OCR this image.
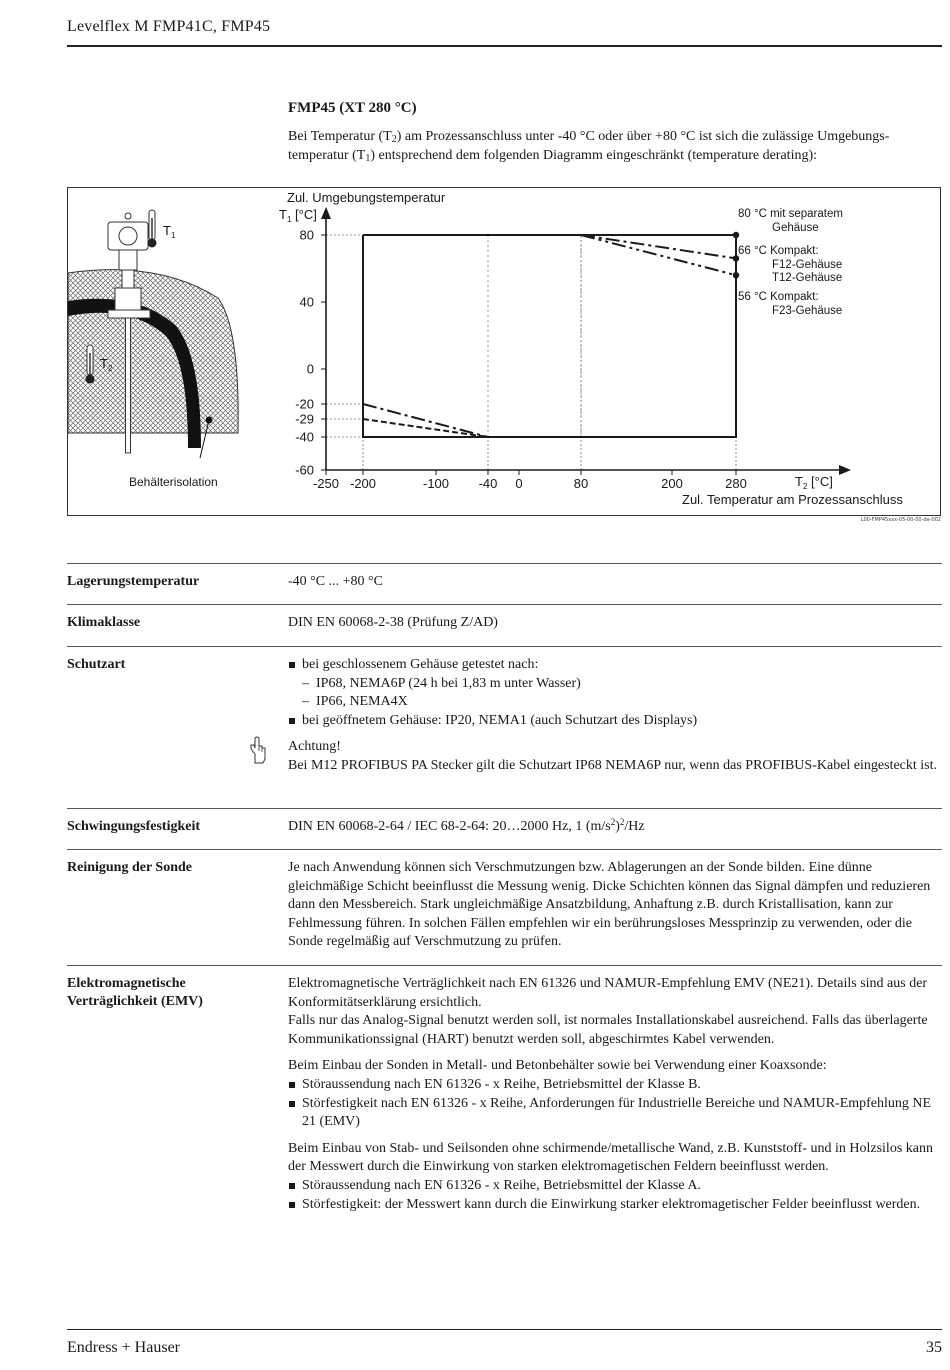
Levelflex M FMP41C, FMP45
FMP45 (XT 280 °C)
Bei Temperatur $(T_2)$ am Prozessanschluss unter -40 °C oder über +80 °C ist sich die zulässige Umgebungs-temperatur $(T_1)$ entsprechend dem folgenden Diagramm eingeschränkt (temperature derating):
$T_1$
$T_2$
Behälterisolation
Zul. Umgebungstemperatur
$T_1$ [°C]
$T_2$ [°C]
Zul. Temperatur am Prozessanschluss
80
40
0
-20
-29
-40
-60
-250 -200	-100 -40 0	80	200	280
80 °C mit separatem Gehäuse
66 °C Kompakt: F12-Gehäuse T12-Gehäuse
56 °C Kompakt: F23-Gehäuse
L00-FMP45xxx-05-00-00-de-002
Lagerungstemperatur	-40 °C ... +80 °C
Klimaklasse	DIN EN 60068-2-38 (Prüfung Z/AD)
Schutzart	bei geschlossenem Gehäuse getestet nach:

– IP68, NEMA6P (24 h bei 1,83 m unter Wasser)

– IP66, NEMA4X

bei geöffnetem Gehäuse: IP20, NEMA1 (auch Schutzart des Displays)

Achtung!

Bei M12 PROFIBUS PA Stecker gilt die Schutzart IP68 NEMA6P nur, wenn das PROFIBUS-Kabel eingesteckt ist.

Schwingungsfestigkeit	DIN EN 60068-2-64 / IEC 68-2-64: 20…2000 Hz, 1 $(m/s^2)^2/Hz$
Reinigung der Sonde	Je nach Anwendung können sich Verschmutzungen bzw. Ablagerungen an der Sonde bilden. Eine dünne gleichmäßige Schicht beeinflusst die Messung wenig. Dicke Schichten können das Signal dämpfen und reduzieren dann den Messbereich. Stark ungleichmäßige Ansatzbildung, Anhaftung z.B. durch Kristallisation, kann zur Fehlmessung führen. In solchen Fällen empfehlen wir ein berührungsloses Messprinzip zu verwenden, oder die Sonde regelmäßig auf Verschmutzung zu prüfen.

Elektromagnetische
Verträglichkeit (EMV)

Elektromagnetische Verträglichkeit nach EN 61326 und NAMUR-Empfehlung EMV (NE21). Details sind aus der Konformitätserklärung ersichtlich.

Falls nur das Analog-Signal benutzt werden soll, ist normales Installationskabel ausreichend. Falls das überlagerte Kommunikationssignal (HART) benutzt werden soll, abgeschirmtes Kabel verwenden.

Beim Einbau der Sonden in Metall- und Betonbehälter sowie bei Verwendung einer Koaxsonde:

Störaussendung nach EN 61326 - x Reihe, Betriebsmittel der Klasse B.

Störfestigkeit nach EN 61326 - x Reihe, Anforderungen für Industrielle Bereiche und NAMUR-Empfehlung NE 21 (EMV)

Beim Einbau von Stab- und Seilsonden ohne schirmende/metallische Wand, z.B. Kunststoff- und in Holzsilos kann der Messwert durch die Einwirkung von starken elektromagetischen Feldern beeinflusst werden.

Störaussendung nach EN 61326 - x Reihe, Betriebsmittel der Klasse A.

Störfestigkeit: der Messwert kann durch die Einwirkung starker elektromagetischer Felder beeinflusst werden.

Endress + Hauser	35
